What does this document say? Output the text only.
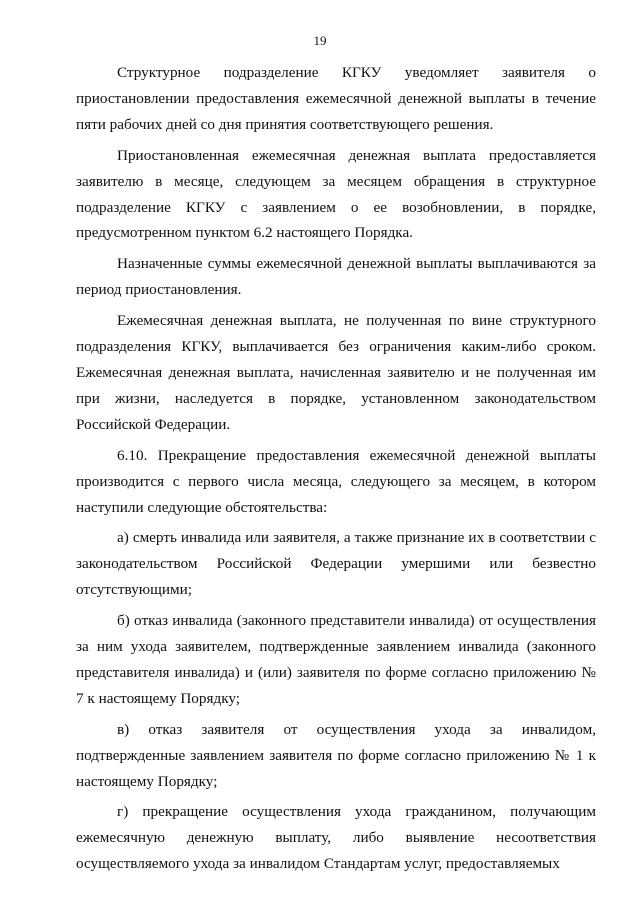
19

Структурное подразделение КГКУ уведомляет заявителя о приостановлении предоставления ежемесячной денежной выплаты в течение пяти рабочих дней со дня принятия соответствующего решения.

Приостановленная ежемесячная денежная выплата предоставляется заявителю в месяце, следующем за месяцем обращения в структурное подразделение КГКУ с заявлением о ее возобновлении, в порядке, предусмотренном пунктом 6.2 настоящего Порядка.

Назначенные суммы ежемесячной денежной выплаты выплачиваются за период приостановления.

Ежемесячная денежная выплата, не полученная по вине структурного подразделения КГКУ, выплачивается без ограничения каким-либо сроком. Ежемесячная денежная выплата, начисленная заявителю и не полученная им при жизни, наследуется в порядке, установленном законодательством Российской Федерации.

6.10. Прекращение предоставления ежемесячной денежной выплаты производится с первого числа месяца, следующего за месяцем, в котором наступили следующие обстоятельства:

а) смерть инвалида или заявителя, а также признание их в соответствии с законодательством Российской Федерации умершими или безвестно отсутствующими;

б) отказ инвалида (законного представители инвалида) от осуществления за ним ухода заявителем, подтвержденные заявлением инвалида (законного представителя инвалида) и (или) заявителя по форме согласно приложению № 7 к настоящему Порядку;

в) отказ заявителя от осуществления ухода за инвалидом, подтвержденные заявлением заявителя по форме согласно приложению № 1 к настоящему Порядку;

г) прекращение осуществления ухода гражданином, получающим ежемесячную денежную выплату, либо выявление несоответствия осуществляемого ухода за инвалидом Стандартам услуг, предоставляемых
